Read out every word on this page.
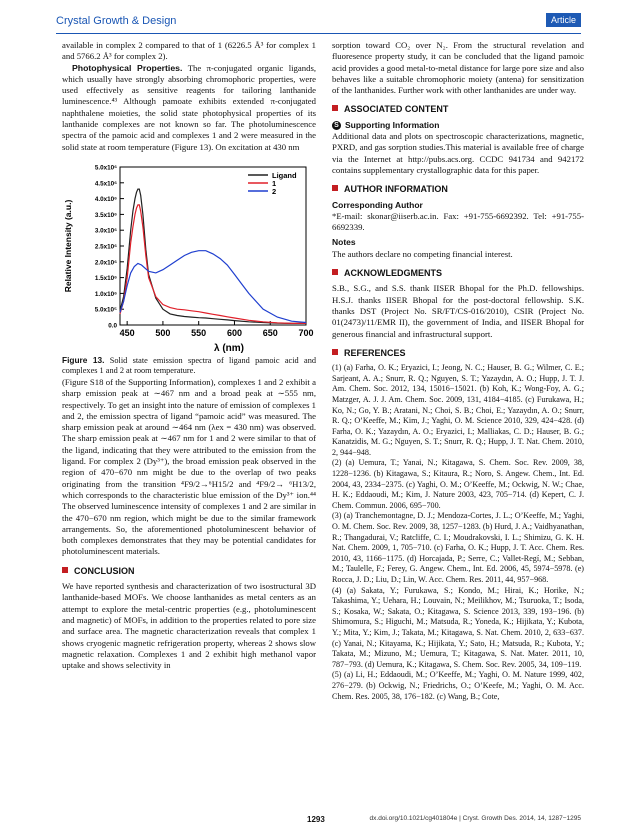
Crystal Growth & Design	Article

available in complex 2 compared to that of 1 (6226.5 Å³ for complex 1 and 5766.2 Å³ for complex 2).

Photophysical Properties. The π-conjugated organic ligands, which usually have strongly absorbing chromophoric properties, were used effectively as sensitive reagents for tailoring lanthanide luminescence.⁴³ Although pamoate exhibits extended π-conjugated naphthalene moieties, the solid state photophysical properties of its lanthanide complexes are not known so far. The photoluminescence spectra of the pamoic acid and complexes 1 and 2 were measured in the solid state at room temperature (Figure 13). On excitation at 430 nm

450 500 550 600 650 700
0.0
5.0x10⁵
1.0x10⁶
1.5x10⁶
2.0x10⁶
2.5x10⁶
3.0x10⁶
3.5x10⁶
4.0x10⁶
4.5x10⁶
5.0x10⁶
λ (nm)
Relative Intensity (a.u.)
Ligand
1
2

Figure 13. Solid state emission spectra of ligand pamoic acid and complexes 1 and 2 at room temperature.

(Figure S18 of the Supporting Information), complexes 1 and 2 exhibit a sharp emission peak at ∼467 nm and a broad peak at ∼555 nm, respectively. To get an insight into the nature of emission of complexes 1 and 2, the emission spectra of ligand “pamoic acid” was measured. The sharp emission peak at around ∼464 nm (λex = 430 nm) was observed. The sharp emission peak at ∼467 nm for 1 and 2 were similar to that of the ligand, indicating that they were attributed to the emission from the ligand. For complex 2 (Dy³⁺), the broad emission peak observed in the region of 470−670 nm might be due to the overlap of two peaks originating from the transition ⁴F9/2→⁶H15/2 and ⁴F9/2→ ⁶H13/2, which corresponds to the characteristic blue emission of the Dy³⁺ ion.⁴⁴ The observed luminescence intensity of complexes 1 and 2 are similar in the 470−670 nm region, which might be due to the similar framework arrangements. So, the aforementioned photoluminescent behavior of both complexes demonstrates that they may be potential candidates for photoluminescent materials.

CONCLUSION

We have reported synthesis and characterization of two isostructural 3D lanthanide-based MOFs. We choose lanthanides as metal centers as an attempt to explore the metal-centric properties (e.g., photoluminescent and magnetic) of MOFs, in addition to the properties related to pore size and surface area. The magnetic characterization reveals that complex 1 shows cryogenic magnetic refrigeration property, whereas 2 shows slow magnetic relaxation. Complexes 1 and 2 exhibit high methanol vapor uptake and shows selectivity in

sorption toward CO₂ over N₂. From the structural revelation and fluoresence property study, it can be concluded that the ligand pamoic acid provides a good metal-to-metal distance for large pore size and also behaves like a suitable chromophoric moiety (antena) for sensitization of the lanthanides. Further work with other lanthanides are under way.

ASSOCIATED CONTENT
S Supporting Information

Additional data and plots on spectroscopic characterizations, magnetic, PXRD, and gas sorption studies.This material is available free of charge via the Internet at http://pubs.acs.org. CCDC 941734 and 942172 contains supplementary crystallographic data for this paper.

AUTHOR INFORMATION
Corresponding Author

*E-mail: skonar@iiserb.ac.in. Fax: +91-755-6692392. Tel: +91-755-6692339.

Notes

The authors declare no competing financial interest.

ACKNOWLEDGMENTS

S.B., S.G., and S.S. thank IISER Bhopal for the Ph.D. fellowships. H.S.J. thanks IISER Bhopal for the post-doctoral fellowship. S.K. thanks DST (Project No. SR/FT/CS-016/2010), CSIR (Project No. 01(2473)/11/EMR II), the government of India, and IISER Bhopal for generous financial and infrastructural support.

REFERENCES

(1) (a) Farha, O. K.; Eryazici, I.; Jeong, N. C.; Hauser, B. G.; Wilmer, C. E.; Sarjeant, A. A.; Snurr, R. Q.; Nguyen, S. T.; Yazaydın, A. O.; Hupp, J. T. J. Am. Chem. Soc. 2012, 134, 15016−15021. (b) Koh, K.; Wong-Foy, A. G.; Matzger, A. J. J. Am. Chem. Soc. 2009, 131, 4184−4185. (c) Furukawa, H.; Ko, N.; Go, Y. B.; Aratani, N.; Choi, S. B.; Choi, E.; Yazaydın, A. O.; Snurr, R. Q.; O’Keeffe, M.; Kim, J.; Yaghi, O. M. Science 2010, 329, 424−428. (d) Farha, O. K.; Yazaydın, A. O.; Eryazici, I.; Malliakas, C. D.; Hauser, B. G.; Kanatzidis, M. G.; Nguyen, S. T.; Snurr, R. Q.; Hupp, J. T. Nat. Chem. 2010, 2, 944−948.

(2) (a) Uemura, T.; Yanai, N.; Kitagawa, S. Chem. Soc. Rev. 2009, 38, 1228−1236. (b) Kitagawa, S.; Kitaura, R.; Noro, S. Angew. Chem., Int. Ed. 2004, 43, 2334−2375. (c) Yaghi, O. M.; O’Keeffe, M.; Ockwig, N. W.; Chae, H. K.; Eddaoudi, M.; Kim, J. Nature 2003, 423, 705−714. (d) Kepert, C. J. Chem. Commun. 2006, 695−700.

(3) (a) Tranchemontagne, D. J.; Mendoza-Cortes, J. L.; O’Keeffe, M.; Yaghi, O. M. Chem. Soc. Rev. 2009, 38, 1257−1283. (b) Hurd, J. A.; Vaidhyanathan, R.; Thangadurai, V.; Ratcliffe, C. I.; Moudrakovski, I. L.; Shimizu, G. K. H. Nat. Chem. 2009, 1, 705−710. (c) Farha, O. K.; Hupp, J. T. Acc. Chem. Res. 2010, 43, 1166−1175. (d) Horcajada, P.; Serre, C.; Vallet-Regí, M.; Sebban, M.; Taulelle, F.; Ferey, G. Angew. Chem., Int. Ed. 2006, 45, 5974−5978. (e) Rocca, J. D.; Liu, D.; Lin, W. Acc. Chem. Res. 2011, 44, 957−968.

(4) (a) Sakata, Y.; Furukawa, S.; Kondo, M.; Hirai, K.; Horike, N.; Takashima, Y.; Uehara, H.; Louvain, N.; Meilikhov, M.; Tsuruoka, T.; Isoda, S.; Kosaka, W.; Sakata, O.; Kitagawa, S. Science 2013, 339, 193−196. (b) Shimomura, S.; Higuchi, M.; Matsuda, R.; Yoneda, K.; Hijikata, Y.; Kubota, Y.; Mita, Y.; Kim, J.; Takata, M.; Kitagawa, S. Nat. Chem. 2010, 2, 633−637. (c) Yanai, N.; Kitayama, K.; Hijikata, Y.; Sato, H.; Matsuda, R.; Kubota, Y.; Takata, M.; Mizuno, M.; Uemura, T.; Kitagawa, S. Nat. Mater. 2011, 10, 787−793. (d) Uemura, K.; Kitagawa, S. Chem. Soc. Rev. 2005, 34, 109−119.

(5) (a) Li, H.; Eddaoudi, M.; O’Keeffe, M.; Yaghi, O. M. Nature 1999, 402, 276−279. (b) Ockwig, N.; Friedrichs, O.; O’Keefe, M.; Yaghi, O. M. Acc. Chem. Res. 2005, 38, 176−182. (c) Wang, B.; Cote,

1293	dx.doi.org/10.1021/cg401804e | Cryst. Growth Des. 2014, 14, 1287−1295
